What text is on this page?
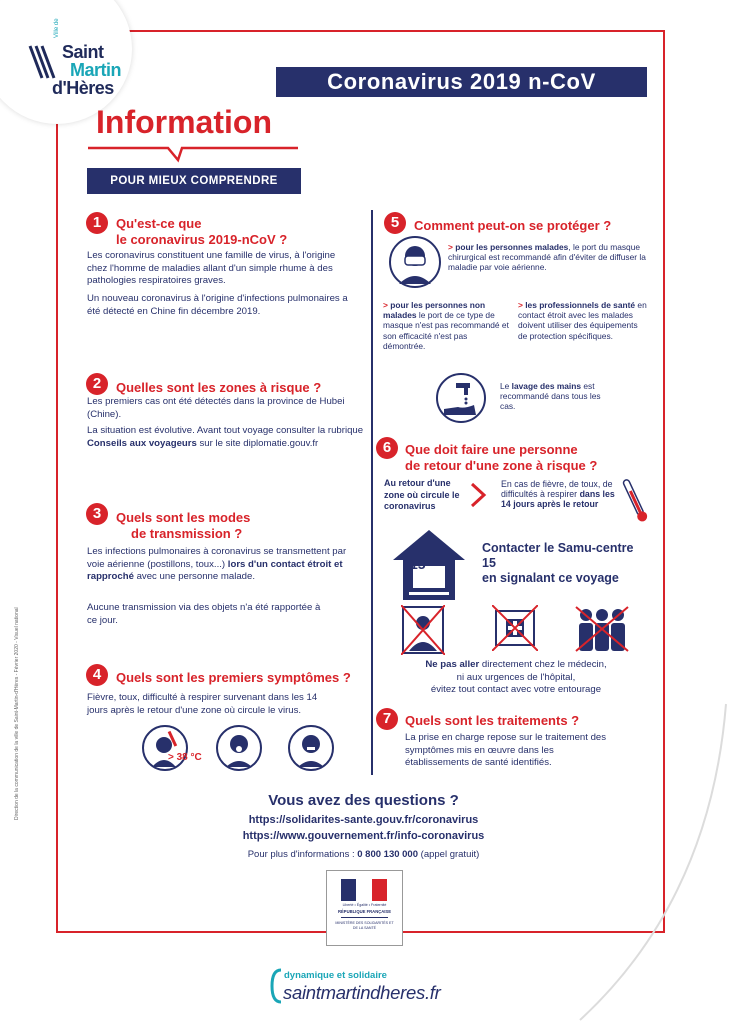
Ville de
Saint
Martin
d'Hères	Coronavirus 2019 n-CoV
Information
POUR MIEUX COMPRENDRE
Direction de la communication de la ville de Saint-Martin-d'Hères - Février 2020 - Visuel national
1	Qu'est-ce que
le coronavirus 2019-nCoV ?
Les coronavirus constituent une famille de virus, à l'origine chez l'homme de maladies allant d'un simple rhume à des pathologies respiratoires graves.
Un nouveau coronavirus à l'origine d'infections pulmonaires a été détecté en Chine fin décembre 2019.
2	Quelles sont les zones à risque ?
Les premiers cas ont été détectés dans la province de Hubei (Chine).
La situation est évolutive. Avant tout voyage consulter la rubrique Conseils aux voyageurs sur le site diplomatie.gouv.fr
3	Quels sont les modes
de transmission ?
Les infections pulmonaires à coronavirus se transmettent par voie aérienne (postillons, toux...) lors d'un contact étroit et rapproché avec une personne malade.
Aucune transmission via des objets n'a été rapportée à ce jour.
4	Quels sont les premiers symptômes ?
Fièvre, toux, difficulté à respirer survenant dans les 14 jours après le retour d'une zone où circule le virus.
> 38 °C
5	Comment peut-on se protéger ?
> pour les personnes malades, le port du masque chirurgical est recommandé afin d'éviter de diffuser la maladie par voie aérienne.
> pour les personnes non malades le port de ce type de masque n'est pas recommandé et son efficacité n'est pas démontrée.
> les professionnels de santé en contact étroit avec les malades doivent utiliser des équipements de protection spécifiques.
Le lavage des mains est recommandé dans tous les cas.
6	Que doit faire une personne
de retour d'une zone à risque ?
Au retour d'une zone où circule le coronavirus
En cas de fièvre, de toux, de difficultés à respirer dans les 14 jours après le retour
15
Contacter le Samu-centre
15
en signalant ce voyage
Ne pas aller directement chez le médecin,
ni aux urgences de l'hôpital,
évitez tout contact avec votre entourage
7	Quels sont les traitements ?
La prise en charge repose sur le traitement des symptômes mis en œuvre dans les établissements de santé identifiés.
Vous avez des questions ?
https://solidarites-sante.gouv.fr/coronavirus
https://www.gouvernement.fr/info-coronavirus
Pour plus d'informations : 0 800 130 000 (appel gratuit)
Liberté • Égalité • Fraternité
RÉPUBLIQUE FRANÇAISE
MINISTÈRE DES SOLIDARITÉS ET DE LA SANTÉ
dynamique et solidaire
saintmartindheres.fr
